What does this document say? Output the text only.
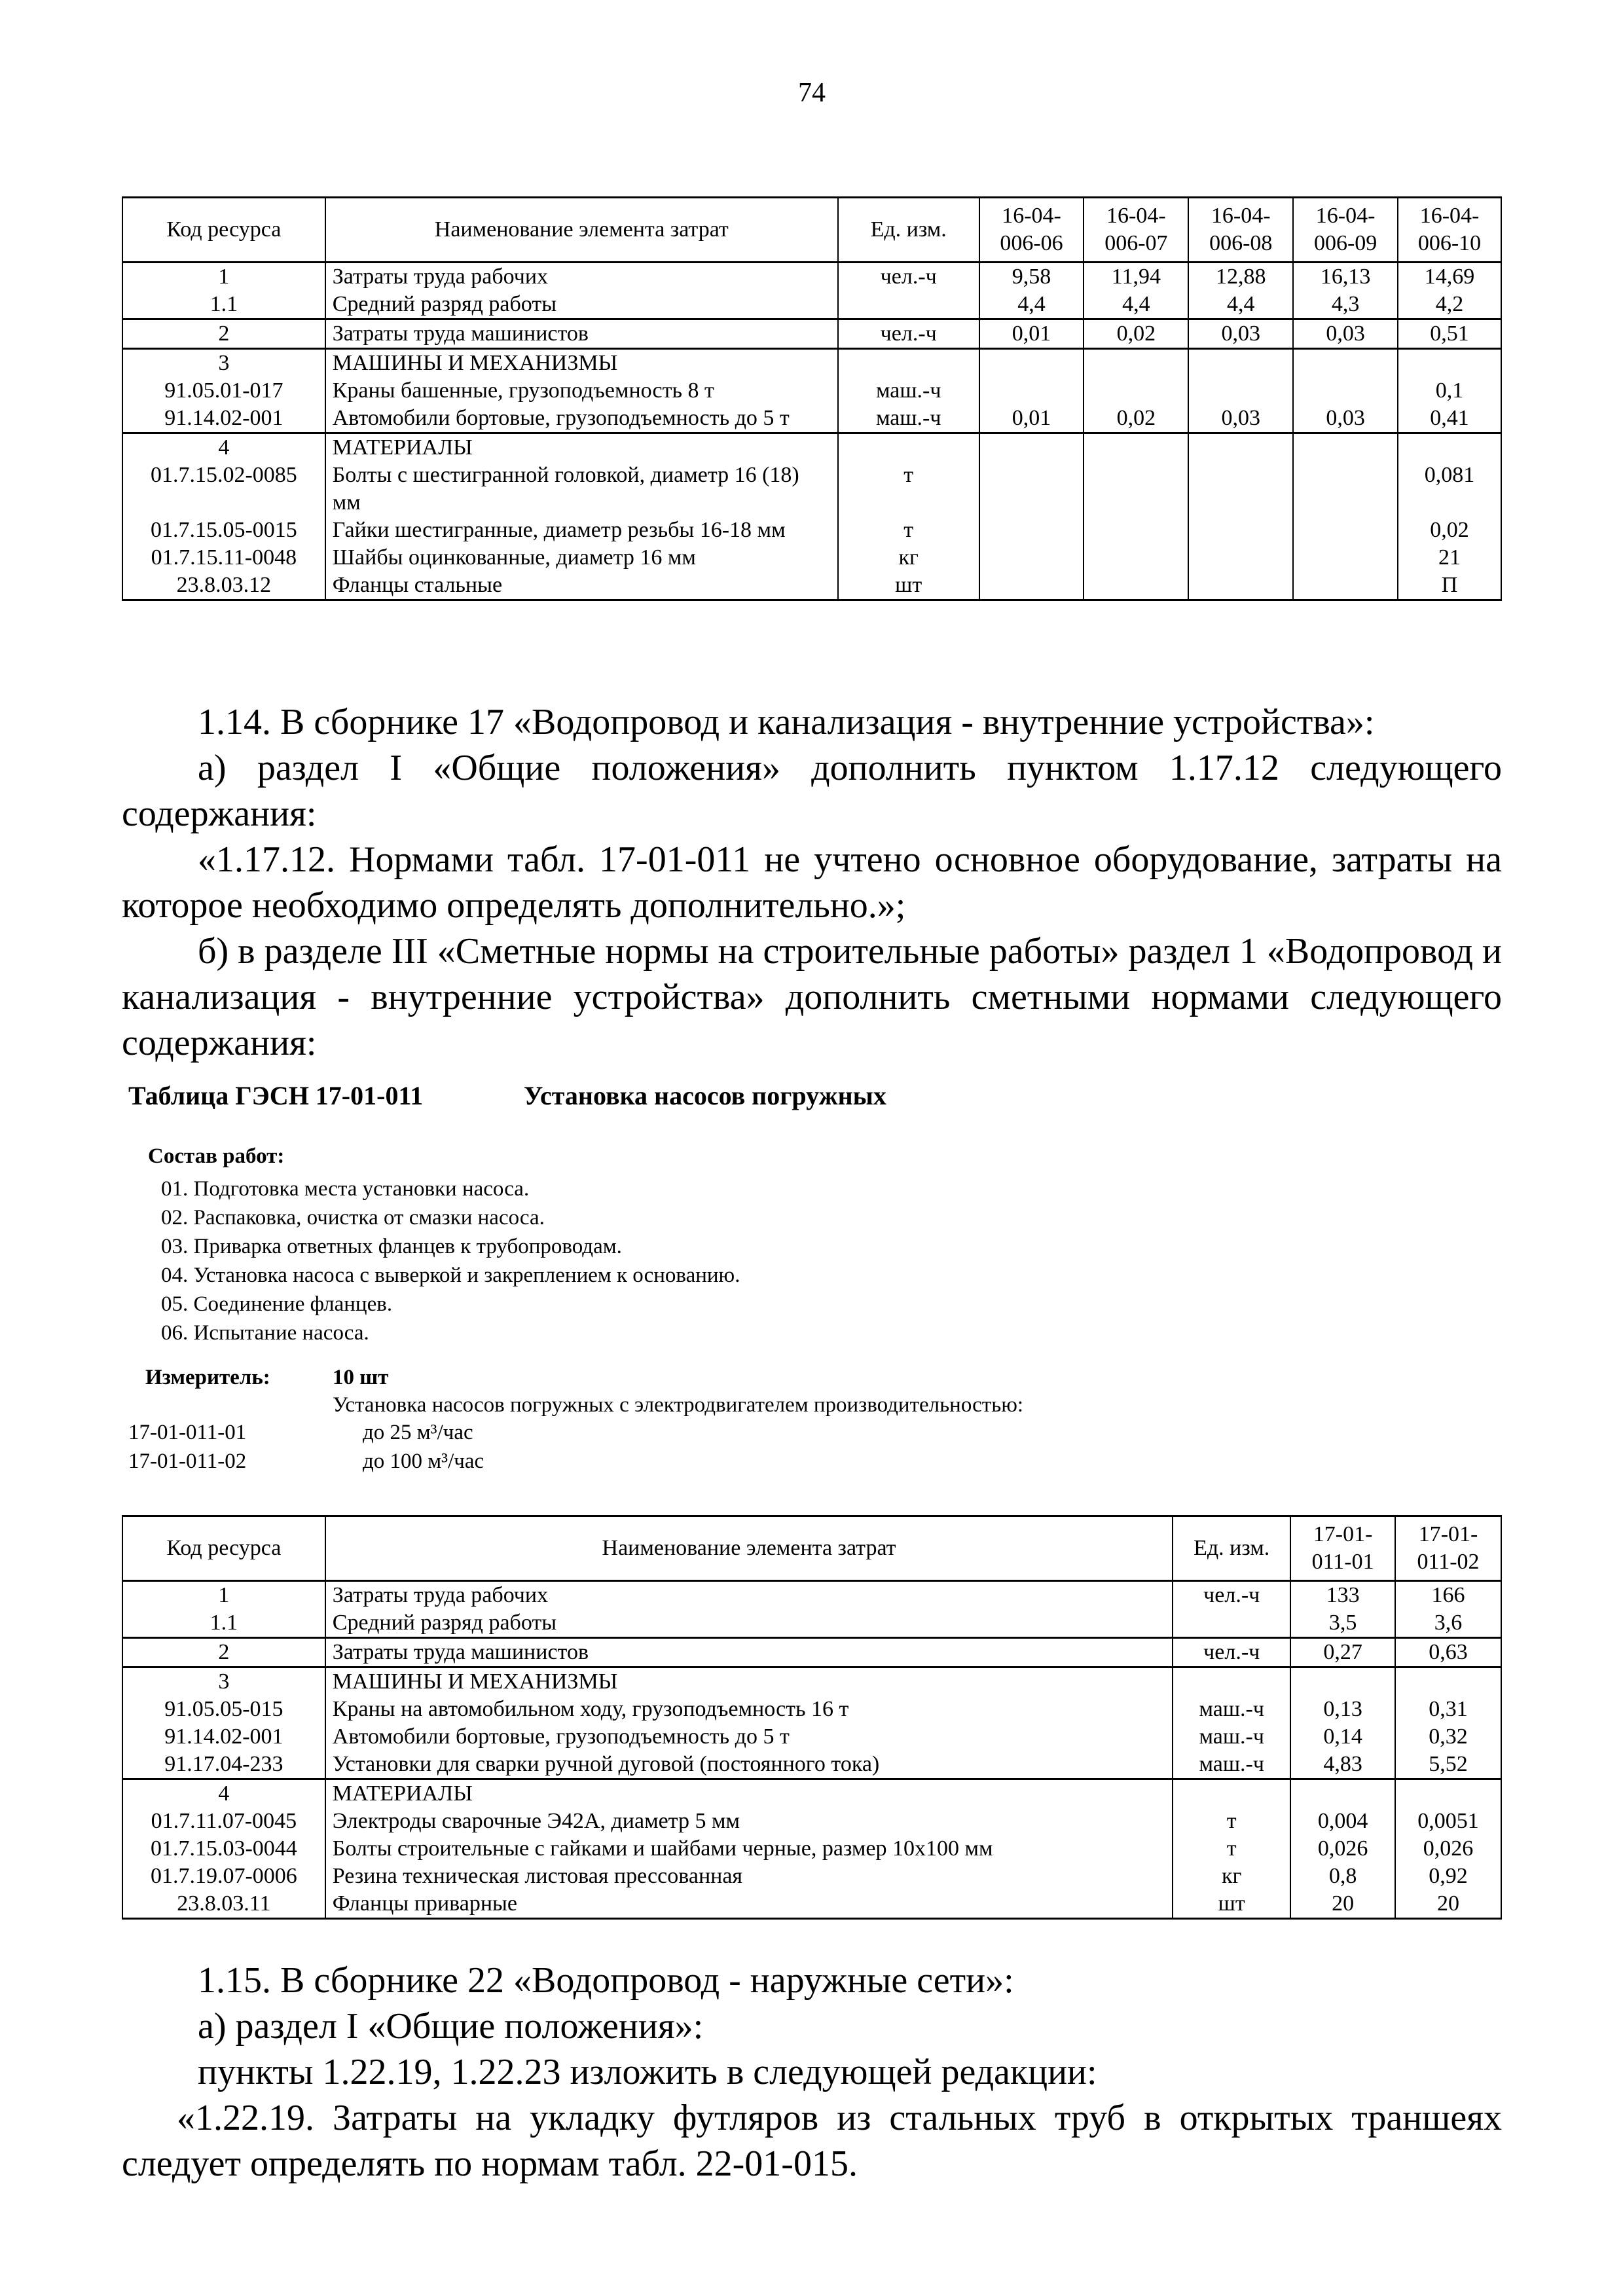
74
Код ресурса	Наименование элемента затрат	Ед. изм.	16-04-006-06	16-04-006-07	16-04-006-08	16-04-006-09	16-04-006-10
1	Затраты труда рабочих	чел.-ч	9,58	11,94	12,88	16,13	14,69
1.1	Средний разряд работы		4,4	4,4	4,4	4,3	4,2
2	Затраты труда машинистов	чел.-ч	0,01	0,02	0,03	0,03	0,51
3	МАШИНЫ И МЕХАНИЗМЫ						
91.05.01-017	Краны башенные, грузоподъемность 8 т	маш.-ч					0,1
91.14.02-001	Автомобили бортовые, грузоподъемность до 5 т	маш.-ч	0,01	0,02	0,03	0,03	0,41
4	МАТЕРИАЛЫ						
01.7.15.02-0085	Болты с шестигранной головкой, диаметр 16 (18) мм	т					0,081
01.7.15.05-0015	Гайки шестигранные, диаметр резьбы 16-18 мм	т					0,02
01.7.15.11-0048	Шайбы оцинкованные, диаметр 16 мм	кг					21
23.8.03.12	Фланцы стальные	шт					П

1.14. В сборнике 17 «Водопровод и канализация - внутренние устройства»:

а) раздел I «Общие положения» дополнить пунктом 1.17.12 следующего содержания:

«1.17.12. Нормами табл. 17-01-011 не учтено основное оборудование, затраты на которое необходимо определять дополнительно.»;

б) в разделе III «Сметные нормы на строительные работы» раздел 1 «Водопровод и канализация - внутренние устройства» дополнить сметными нормами следующего содержания:

Таблица ГЭСН 17-01-011	Установка насосов погружных
Состав работ:
01. Подготовка места установки насоса.
02. Распаковка, очистка от смазки насоса.
03. Приварка ответных фланцев к трубопроводам.
04. Установка насоса с выверкой и закреплением к основанию.
05. Соединение фланцев.
06. Испытание насоса.
Измеритель:	10 шт
Установка насосов погружных с электродвигателем производительностью:
17-01-011-01	до 25 м³/час
17-01-011-02	до 100 м³/час
Код ресурса	Наименование элемента затрат	Ед. изм.	17-01-011-01	17-01-011-02
1	Затраты труда рабочих	чел.-ч	133	166
1.1	Средний разряд работы		3,5	3,6
2	Затраты труда машинистов	чел.-ч	0,27	0,63
3	МАШИНЫ И МЕХАНИЗМЫ			
91.05.05-015	Краны на автомобильном ходу, грузоподъемность 16 т	маш.-ч	0,13	0,31
91.14.02-001	Автомобили бортовые, грузоподъемность до 5 т	маш.-ч	0,14	0,32
91.17.04-233	Установки для сварки ручной дуговой (постоянного тока)	маш.-ч	4,83	5,52
4	МАТЕРИАЛЫ			
01.7.11.07-0045	Электроды сварочные Э42А, диаметр 5 мм	т	0,004	0,0051
01.7.15.03-0044	Болты строительные с гайками и шайбами черные, размер 10х100 мм	т	0,026	0,026
01.7.19.07-0006	Резина техническая листовая прессованная	кг	0,8	0,92
23.8.03.11	Фланцы приварные	шт	20	20

1.15. В сборнике 22 «Водопровод - наружные сети»:

а) раздел I «Общие положения»:

пункты 1.22.19, 1.22.23 изложить в следующей редакции:

«1.22.19. Затраты на укладку футляров из стальных труб в открытых траншеях следует определять по нормам табл. 22-01-015.
